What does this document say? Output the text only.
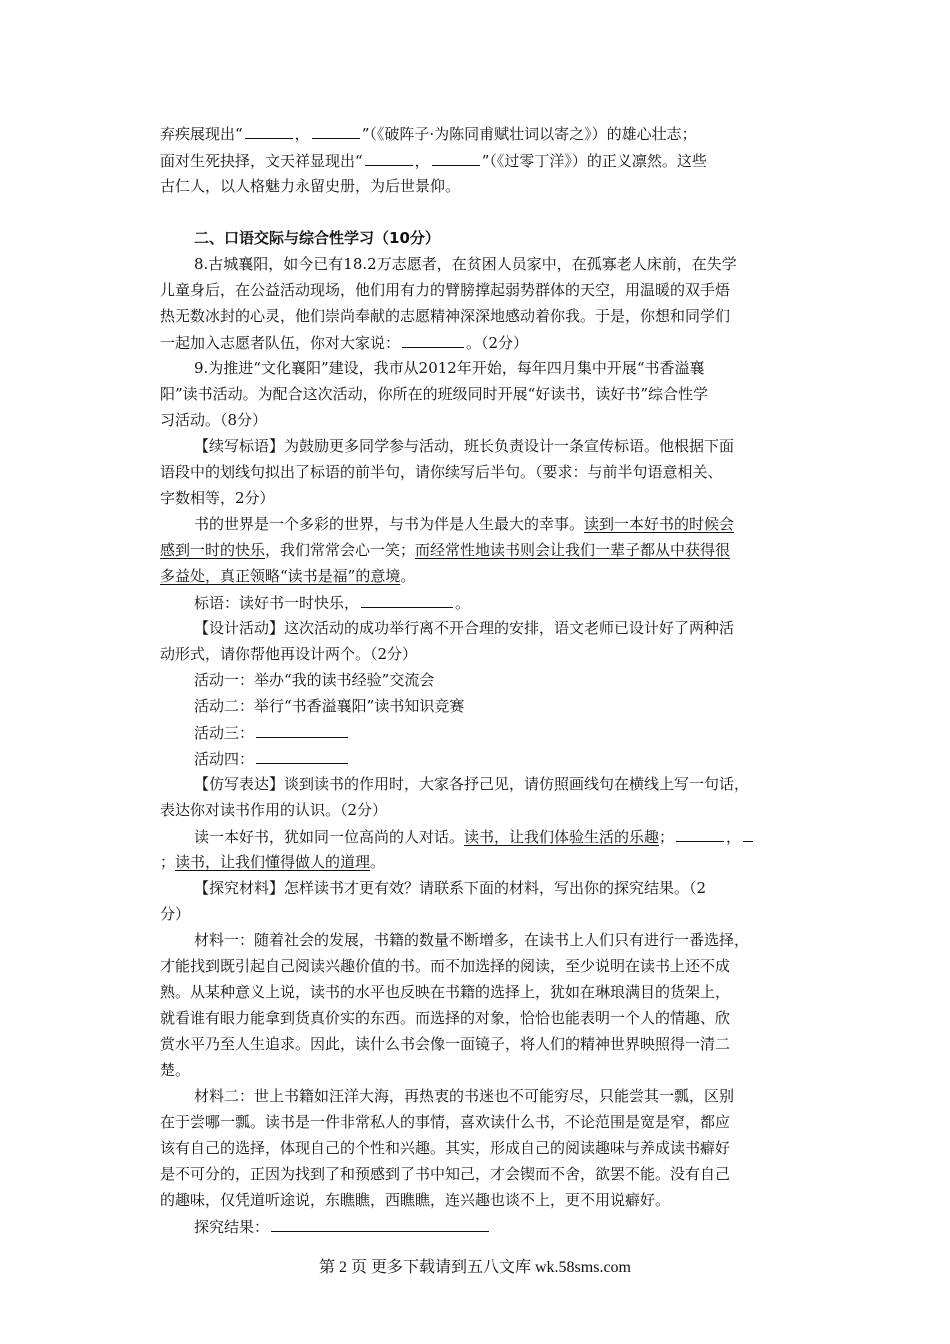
弃疾展现出“	，	”（《破阵子·为陈同甫赋壮词以寄之》）的雄心壮志；
面对生死抉择，文天祥显现出“	，	”（《过零丁洋》）的正义凛然。这些
古仁人，以人格魅力永留史册，为后世景仰。
二、口语交际与综合性学习（10分）
8.古城襄阳，如今已有18.2万志愿者，在贫困人员家中，在孤寡老人床前，在失学
儿童身后，在公益活动现场，他们用有力的臂膀撑起弱势群体的天空，用温暖的双手焐
热无数冰封的心灵，他们崇尚奉献的志愿精神深深地感动着你我。于是，你想和同学们
一起加入志愿者队伍，你对大家说：	。（2分）
9.为推进“文化襄阳”建设，我市从2012年开始，每年四月集中开展“书香溢襄
阳”读书活动。为配合这次活动，你所在的班级同时开展“好读书，读好书”综合性学
习活动。（8分）
【续写标语】为鼓励更多同学参与活动，班长负责设计一条宣传标语。他根据下面
语段中的划线句拟出了标语的前半句，请你续写后半句。（要求：与前半句语意相关、
字数相等，2分）
书的世界是一个多彩的世界，与书为伴是人生最大的幸事。读到一本好书的时候会
感到一时的快乐，我们常常会心一笑；而经常性地读书则会让我们一辈子都从中获得很
多益处，真正领略“读书是福”的意境。
标语：读好书一时快乐，	。
【设计活动】这次活动的成功举行离不开合理的安排，语文老师已设计好了两种活
动形式，请你帮他再设计两个。（2分）
活动一：举办“我的读书经验”交流会
活动二：举行“书香溢襄阳”读书知识竞赛
活动三：
活动四：
【仿写表达】谈到读书的作用时，大家各抒己见，请仿照画线句在横线上写一句话，
表达你对读书作用的认识。（2分）
读一本好书，犹如同一位高尚的人对话。读书，让我们体验生活的乐趣；	，
；读书，让我们懂得做人的道理。
【探究材料】怎样读书才更有效？请联系下面的材料，写出你的探究结果。（2
分）
材料一：随着社会的发展，书籍的数量不断增多，在读书上人们只有进行一番选择，
才能找到既引起自己阅读兴趣价值的书。而不加选择的阅读，至少说明在读书上还不成
熟。从某种意义上说，读书的水平也反映在书籍的选择上，犹如在琳琅满目的货架上，
就看谁有眼力能拿到货真价实的东西。而选择的对象，恰恰也能表明一个人的情趣、欣
赏水平乃至人生追求。因此，读什么书会像一面镜子，将人们的精神世界映照得一清二
楚。
材料二：世上书籍如汪洋大海，再热衷的书迷也不可能穷尽，只能尝其一瓢，区别
在于尝哪一瓢。读书是一件非常私人的事情，喜欢读什么书，不论范围是宽是窄，都应
该有自己的选择，体现自己的个性和兴趣。其实，形成自己的阅读趣味与养成读书癖好
是不可分的，正因为找到了和预感到了书中知己，才会锲而不舍，欲罢不能。没有自己
的趣味，仅凭道听途说，东瞧瞧，西瞧瞧，连兴趣也谈不上，更不用说癖好。
探究结果：
第 2 页 更多下载请到五八文库 wk.58sms.com
